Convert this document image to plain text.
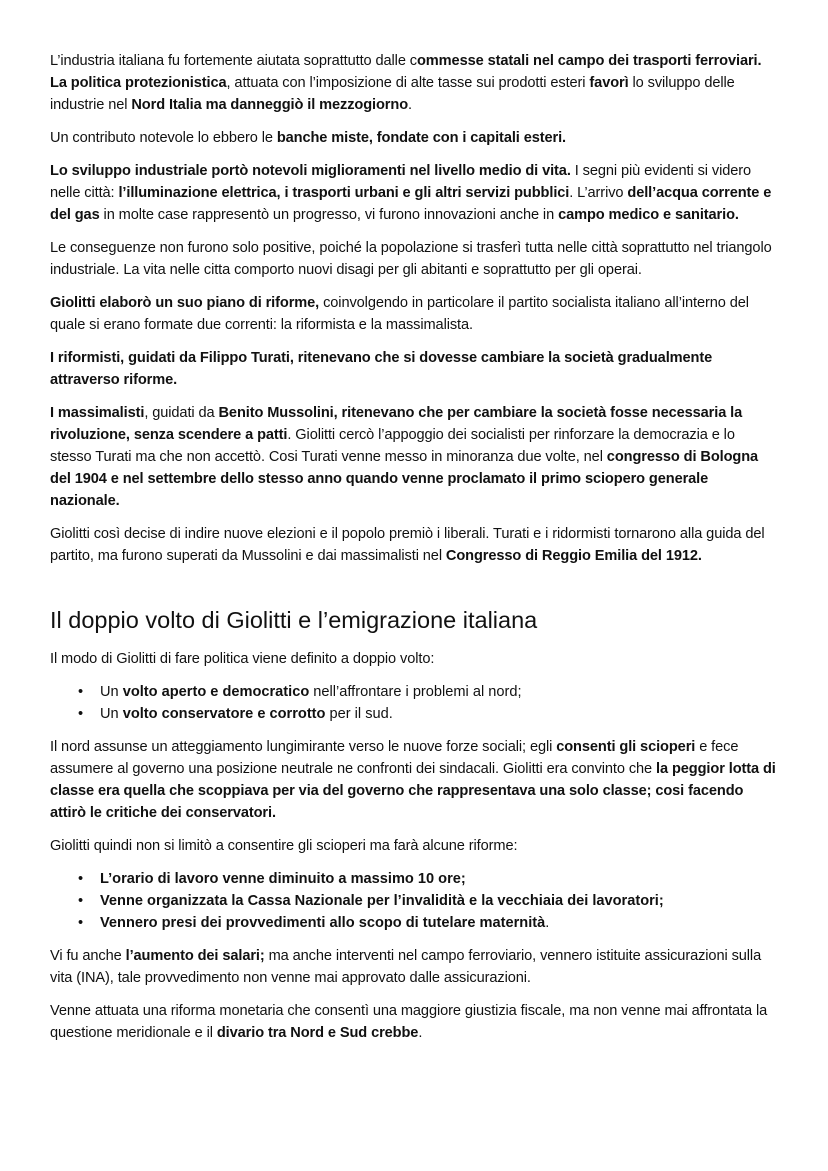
L’industria italiana fu fortemente aiutata soprattutto dalle commesse statali nel campo dei trasporti ferroviari. La politica protezionistica, attuata con l’imposizione di alte tasse sui prodotti esteri favorì lo sviluppo delle industrie nel Nord Italia ma danneggiò il mezzogiorno.

Un contributo notevole lo ebbero le banche miste, fondate con i capitali esteri.

Lo sviluppo industriale portò notevoli miglioramenti nel livello medio di vita. I segni più evidenti si videro nelle città: l’illuminazione elettrica, i trasporti urbani e gli altri servizi pubblici. L’arrivo dell’acqua corrente e del gas in molte case rappresentò un progresso, vi furono innovazioni anche in campo medico e sanitario.

Le conseguenze non furono solo positive, poiché la popolazione si trasferì tutta nelle città soprattutto nel triangolo industriale. La vita nelle citta comporto nuovi disagi per gli abitanti e soprattutto per gli operai.

Giolitti elaborò un suo piano di riforme, coinvolgendo in particolare il partito socialista italiano all’interno del quale si erano formate due correnti: la riformista e la massimalista.

I riformisti, guidati da Filippo Turati, ritenevano che si dovesse cambiare la società gradualmente attraverso riforme.

I massimalisti, guidati da Benito Mussolini, ritenevano che per cambiare la società fosse necessaria la rivoluzione, senza scendere a patti. Giolitti cercò l’appoggio dei socialisti per rinforzare la democrazia e lo stesso Turati ma che non accettò. Cosi Turati venne messo in minoranza due volte, nel congresso di Bologna del 1904 e nel settembre dello stesso anno quando venne proclamato il primo sciopero generale nazionale.

Giolitti così decise di indire nuove elezioni e il popolo premiò i liberali. Turati e i ridormisti tornarono alla guida del partito, ma furono superati da Mussolini e dai massimalisti nel Congresso di Reggio Emilia del 1912.

Il doppio volto di Giolitti e l’emigrazione italiana

Il modo di Giolitti di fare politica viene definito a doppio volto:

• Un volto aperto e democratico nell’affrontare i problemi al nord;
• Un volto conservatore e corrotto per il sud.

Il nord assunse un atteggiamento lungimirante verso le nuove forze sociali; egli consenti gli scioperi e fece assumere al governo una posizione neutrale ne confronti dei sindacali. Giolitti era convinto che la peggior lotta di classe era quella che scoppiava per via del governo che rappresentava una solo classe; cosi facendo attirò le critiche dei conservatori.

Giolitti quindi non si limitò a consentire gli scioperi ma farà alcune riforme:

• L’orario di lavoro venne diminuito a massimo 10 ore;
• Venne organizzata la Cassa Nazionale per l’invalidità e la vecchiaia dei lavoratori;
• Vennero presi dei provvedimenti allo scopo di tutelare maternità.

Vi fu anche l’aumento dei salari; ma anche interventi nel campo ferroviario, vennero istituite assicurazioni sulla vita (INA), tale provvedimento non venne mai approvato dalle assicurazioni.

Venne attuata una riforma monetaria che consentì una maggiore giustizia fiscale, ma non venne mai affrontata la questione meridionale e il divario tra Nord e Sud crebbe.
